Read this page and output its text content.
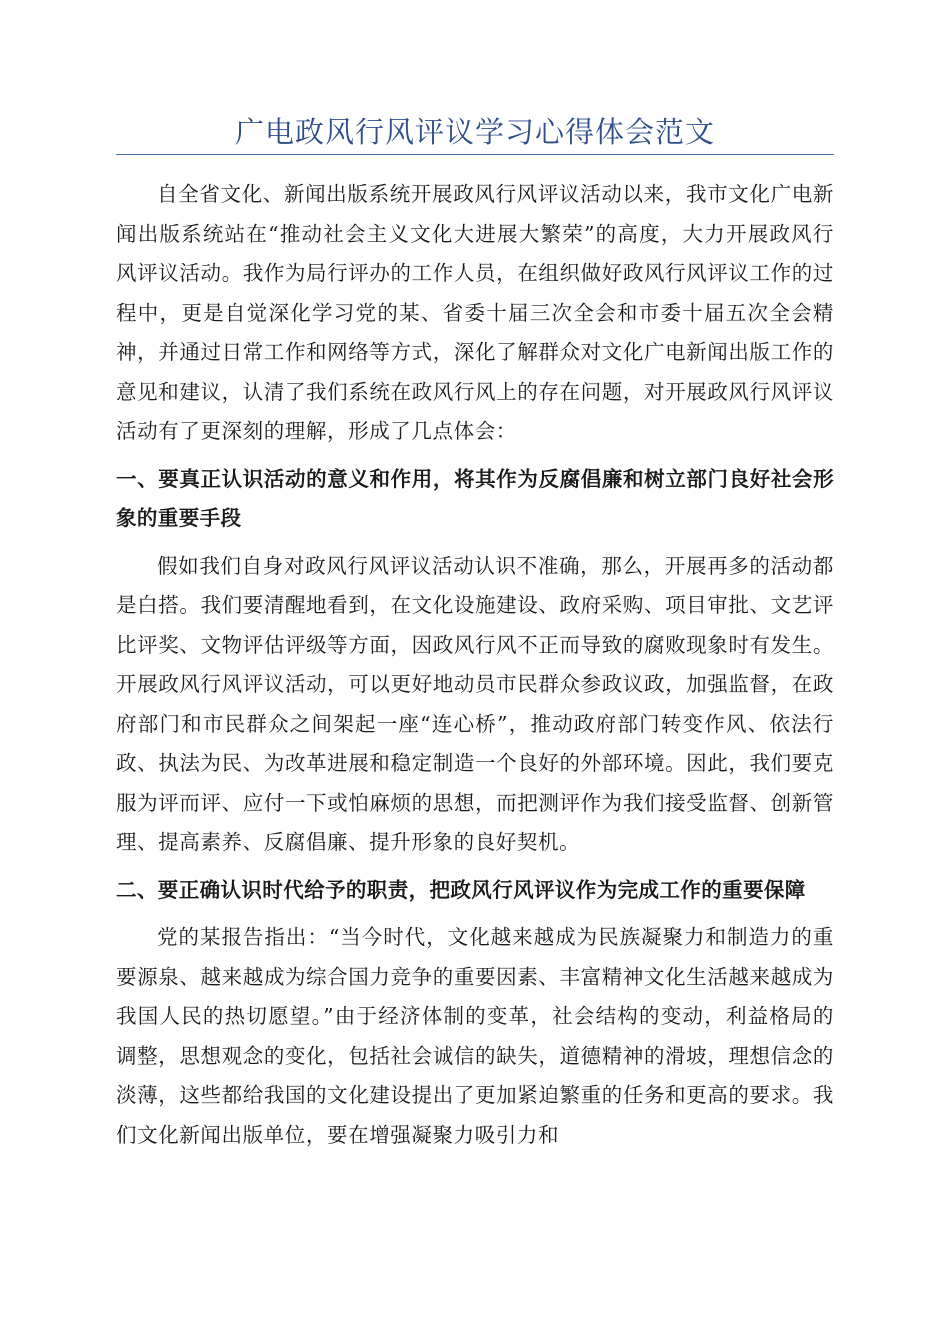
广电政风行风评议学习心得体会范文

自全省文化、新闻出版系统开展政风行风评议活动以来，我市文化广电新闻出版系统站在“推动社会主义文化大进展大繁荣”的高度，大力开展政风行风评议活动。我作为局行评办的工作人员，在组织做好政风行风评议工作的过程中，更是自觉深化学习党的某、省委十届三次全会和市委十届五次全会精神，并通过日常工作和网络等方式，深化了解群众对文化广电新闻出版工作的意见和建议，认清了我们系统在政风行风上的存在问题，对开展政风行风评议活动有了更深刻的理解，形成了几点体会：

一、要真正认识活动的意义和作用，将其作为反腐倡廉和树立部门良好社会形象的重要手段

假如我们自身对政风行风评议活动认识不准确，那么，开展再多的活动都是白搭。我们要清醒地看到，在文化设施建设、政府采购、项目审批、文艺评比评奖、文物评估评级等方面，因政风行风不正而导致的腐败现象时有发生。开展政风行风评议活动，可以更好地动员市民群众参政议政，加强监督，在政府部门和市民群众之间架起一座“连心桥”，推动政府部门转变作风、依法行政、执法为民、为改革进展和稳定制造一个良好的外部环境。因此，我们要克服为评而评、应付一下或怕麻烦的思想，而把测评作为我们接受监督、创新管理、提高素养、反腐倡廉、提升形象的良好契机。

二、要正确认识时代给予的职责，把政风行风评议作为完成工作的重要保障

党的某报告指出：“当今时代，文化越来越成为民族凝聚力和制造力的重要源泉、越来越成为综合国力竞争的重要因素、丰富精神文化生活越来越成为我国人民的热切愿望。”由于经济体制的变革，社会结构的变动，利益格局的调整，思想观念的变化，包括社会诚信的缺失，道德精神的滑坡，理想信念的淡薄，这些都给我国的文化建设提出了更加紧迫繁重的任务和更高的要求。我们文化新闻出版单位，要在增强凝聚力吸引力和
